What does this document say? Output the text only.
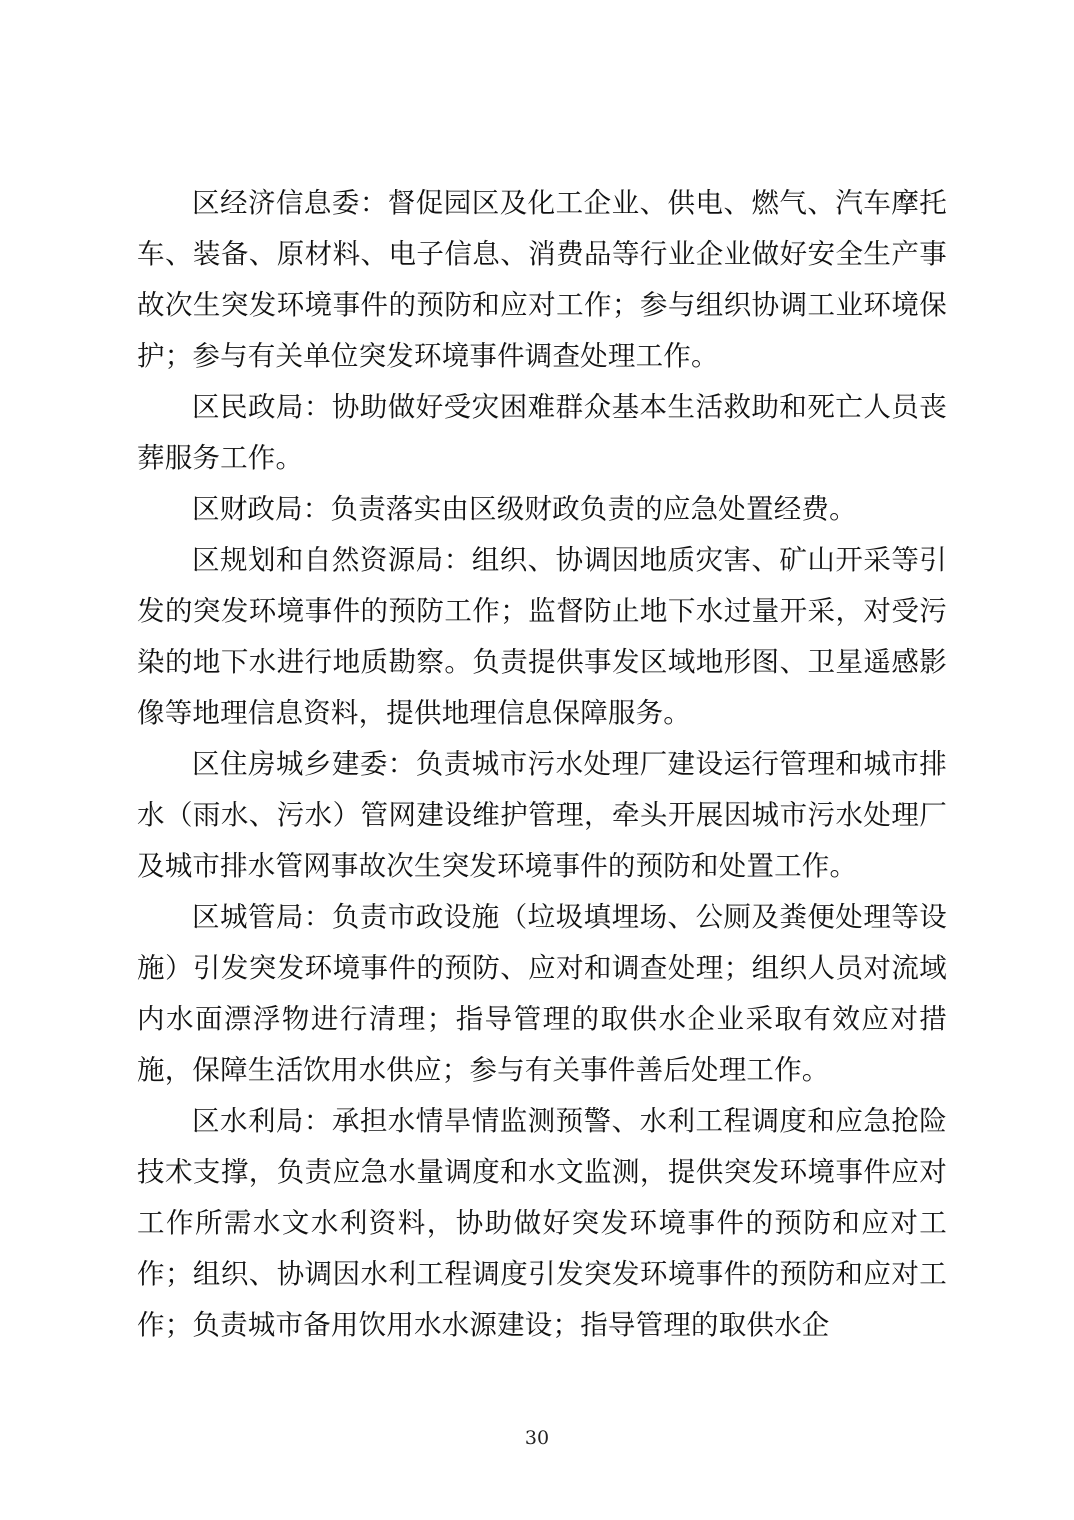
区经济信息委：督促园区及化工企业、供电、燃气、汽车摩托车、装备、原材料、电子信息、消费品等行业企业做好安全生产事故次生突发环境事件的预防和应对工作；参与组织协调工业环境保护；参与有关单位突发环境事件调查处理工作。

区民政局：协助做好受灾困难群众基本生活救助和死亡人员丧葬服务工作。

区财政局：负责落实由区级财政负责的应急处置经费。

区规划和自然资源局：组织、协调因地质灾害、矿山开采等引发的突发环境事件的预防工作；监督防止地下水过量开采，对受污染的地下水进行地质勘察。负责提供事发区域地形图、卫星遥感影像等地理信息资料，提供地理信息保障服务。

区住房城乡建委：负责城市污水处理厂建设运行管理和城市排水（雨水、污水）管网建设维护管理，牵头开展因城市污水处理厂及城市排水管网事故次生突发环境事件的预防和处置工作。

区城管局：负责市政设施（垃圾填埋场、公厕及粪便处理等设施）引发突发环境事件的预防、应对和调查处理；组织人员对流域内水面漂浮物进行清理；指导管理的取供水企业采取有效应对措施，保障生活饮用水供应；参与有关事件善后处理工作。

区水利局：承担水情旱情监测预警、水利工程调度和应急抢险技术支撑，负责应急水量调度和水文监测，提供突发环境事件应对工作所需水文水利资料，协助做好突发环境事件的预防和应对工作；组织、协调因水利工程调度引发突发环境事件的预防和应对工作；负责城市备用饮用水水源建设；指导管理的取供水企

30
